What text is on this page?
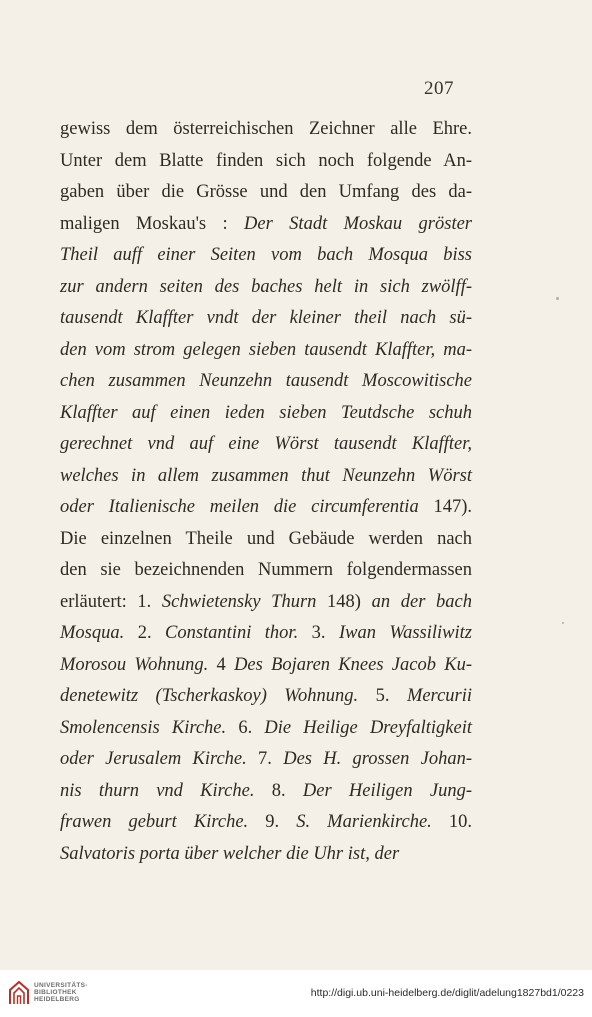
207
gewiss dem österreichischen Zeichner alle Ehre.
Unter dem Blatte finden sich noch folgende An-
gaben über die Grösse und den Umfang des da-
maligen Moskau's : Der Stadt Moskau gröster
Theil auff einer Seiten vom bach Mosqua biss
zur andern seiten des baches helt in sich zwölff-
tausendt Klaffter vndt der kleiner theil nach sü-
den vom strom gelegen sieben tausendt Klaffter, ma-
chen zusammen Neunzehn tausendt Moscowitische
Klaffter auf einen ieden sieben Teutdsche schuh
gerechnet vnd auf eine Wörst tausendt Klaffter,
welches in allem zusammen thut Neunzehn Wörst
oder Italienische meilen die circumferentia 147).
Die einzelnen Theile und Gebäude werden nach
den sie bezeichnenden Nummern folgendermassen
erläutert: 1. Schwietensky Thurn 148) an der bach
Mosqua. 2. Constantini thor. 3. Iwan Wassiliwitz
Morosou Wohnung. 4 Des Bojaren Knees Jacob Ku-
denetewitz (Tscherkaskoy) Wohnung. 5. Mercurii
Smolencensis Kirche. 6. Die Heilige Dreyfaltigkeit
oder Jerusalem Kirche. 7. Des H. grossen Johan-
nis thurn vnd Kirche. 8. Der Heiligen Jung-
frawen geburt Kirche. 9. S. Marienkirche. 10.
Salvatoris porta über welcher die Uhr ist, der
UNIVERSITÄTS-
BIBLIOTHEK
HEIDELBERG
http://digi.ub.uni-heidelberg.de/diglit/adelung1827bd1/0223
